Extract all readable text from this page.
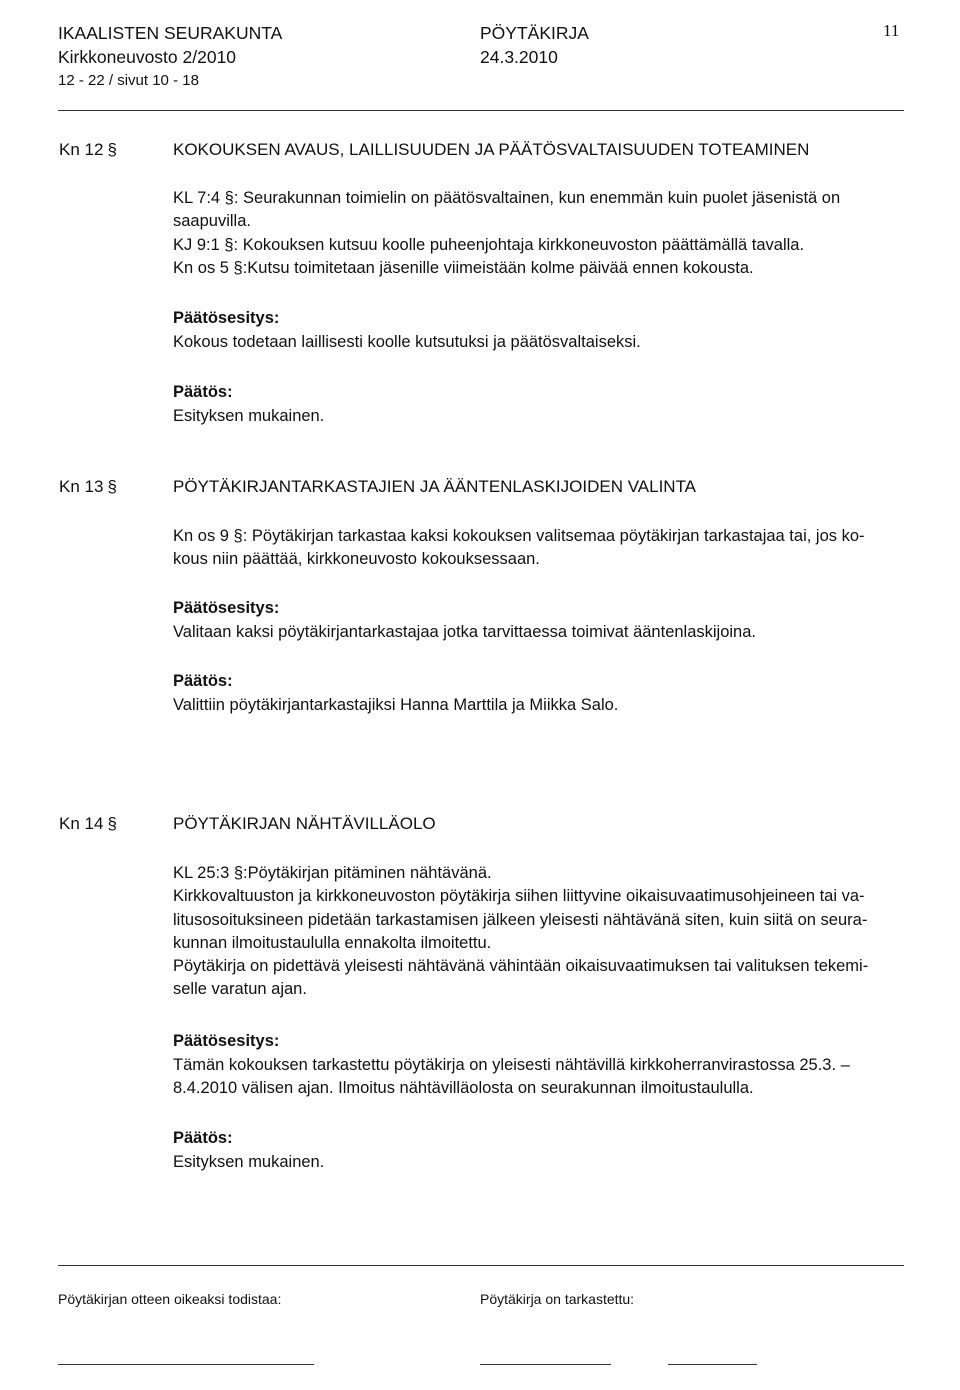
IKAALISTEN SEURAKUNTA	PÖYTÄKIRJA	11
Kirkkoneuvosto 2/2010	24.3.2010
12 - 22 / sivut 10 - 18
Kn 12 §	KOKOUKSEN AVAUS, LAILLISUUDEN JA PÄÄTÖSVALTAISUUDEN TOTEAMINEN

KL 7:4 §: Seurakunnan toimielin on päätösvaltainen, kun enemmän kuin puolet jäsenistä on

saapuvilla.

KJ 9:1 §: Kokouksen kutsuu koolle puheenjohtaja kirkkoneuvoston päättämällä tavalla.

Kn os 5 §:Kutsu toimitetaan jäsenille viimeistään kolme päivää ennen kokousta.

Päätösesitys:
Kokous todetaan laillisesti koolle kutsutuksi ja päätösvaltaiseksi.
Päätös:
Esityksen mukainen.
Kn 13 §	PÖYTÄKIRJANTARKASTAJIEN JA ÄÄNTENLASKIJOIDEN VALINTA

Kn os 9 §: Pöytäkirjan tarkastaa kaksi kokouksen valitsemaa pöytäkirjan tarkastajaa tai, jos ko-

kous niin päättää, kirkkoneuvosto kokouksessaan.

Päätösesitys:
Valitaan kaksi pöytäkirjantarkastajaa jotka tarvittaessa toimivat ääntenlaskijoina.
Päätös:
Valittiin pöytäkirjantarkastajiksi Hanna Marttila ja Miikka Salo.
Kn 14 §	PÖYTÄKIRJAN NÄHTÄVILLÄOLO

KL 25:3 §:Pöytäkirjan pitäminen nähtävänä.

Kirkkovaltuuston ja kirkkoneuvoston pöytäkirja siihen liittyvine oikaisuvaatimusohjeineen tai va-

litusosoituksineen pidetään tarkastamisen jälkeen yleisesti nähtävänä siten, kuin siitä on seura-

kunnan ilmoitustaululla ennakolta ilmoitettu.

Pöytäkirja on pidettävä yleisesti nähtävänä vähintään oikaisuvaatimuksen tai valituksen tekemi-

selle varatun ajan.

Päätösesitys:

Tämän kokouksen tarkastettu pöytäkirja on yleisesti nähtävillä kirkkoherranvirastossa 25.3. –

8.4.2010 välisen ajan. Ilmoitus nähtävilläolosta on seurakunnan ilmoitustaululla.

Päätös:
Esityksen mukainen.
Pöytäkirjan otteen oikeaksi todistaa:	Pöytäkirja on tarkastettu:
